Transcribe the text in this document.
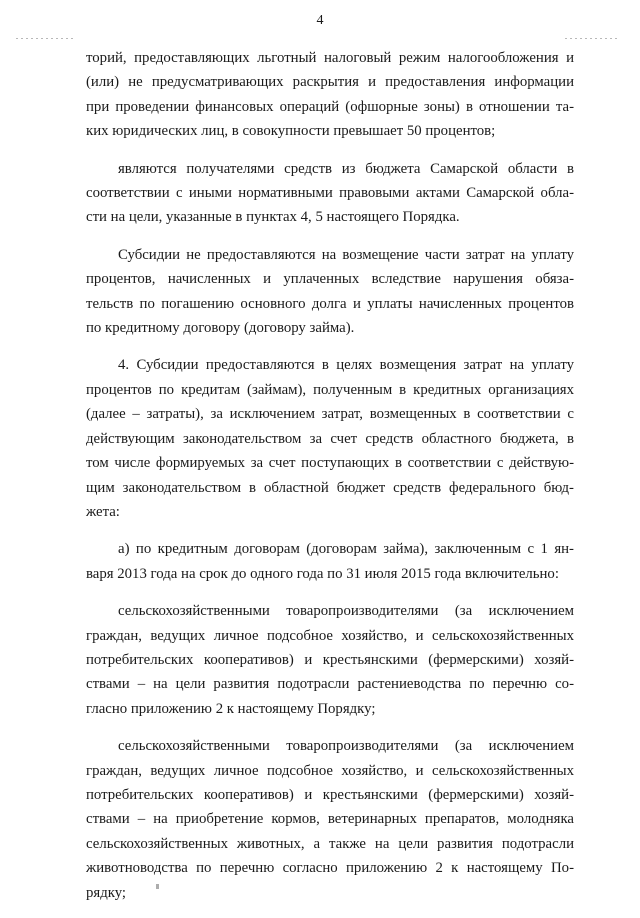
4

торий, предоставляющих льготный налоговый режим налогообложения и
(или) не предусматривающих раскрытия и предоставления информации
при проведении финансовых операций (офшорные зоны) в отношении та-
ких юридических лиц, в совокупности превышает 50 процентов;

являются получателями средств из бюджета Самарской области в
соответствии с иными нормативными правовыми актами Самарской обла-
сти на цели, указанные в пунктах 4, 5 настоящего Порядка.

Субсидии не предоставляются на возмещение части затрат на уплату
процентов, начисленных и уплаченных вследствие нарушения обяза-
тельств по погашению основного долга и уплаты начисленных процентов
по кредитному договору (договору займа).

4. Субсидии предоставляются в целях возмещения затрат на уплату
процентов по кредитам (займам), полученным в кредитных организациях
(далее – затраты), за исключением затрат, возмещенных в соответствии с
действующим законодательством за счет средств областного бюджета, в
том числе формируемых за счет поступающих в соответствии с действую-
щим законодательством в областной бюджет средств федерального бюд-
жета:

а) по кредитным договорам (договорам займа), заключенным с 1 ян-
варя 2013 года на срок до одного года по 31 июля 2015 года включительно:

сельскохозяйственными товаропроизводителями (за исключением
граждан, ведущих личное подсобное хозяйство, и сельскохозяйственных
потребительских кооперативов) и крестьянскими (фермерскими) хозяй-
ствами – на цели развития подотрасли растениеводства по перечню со-
гласно приложению 2 к настоящему Порядку;

сельскохозяйственными товаропроизводителями (за исключением
граждан, ведущих личное подсобное хозяйство, и сельскохозяйственных
потребительских кооперативов) и крестьянскими (фермерскими) хозяй-
ствами – на приобретение кормов, ветеринарных препаратов, молодняка
сельскохозяйственных животных, а также на цели развития подотрасли
животноводства по перечню согласно приложению 2 к настоящему По-
рядку;
